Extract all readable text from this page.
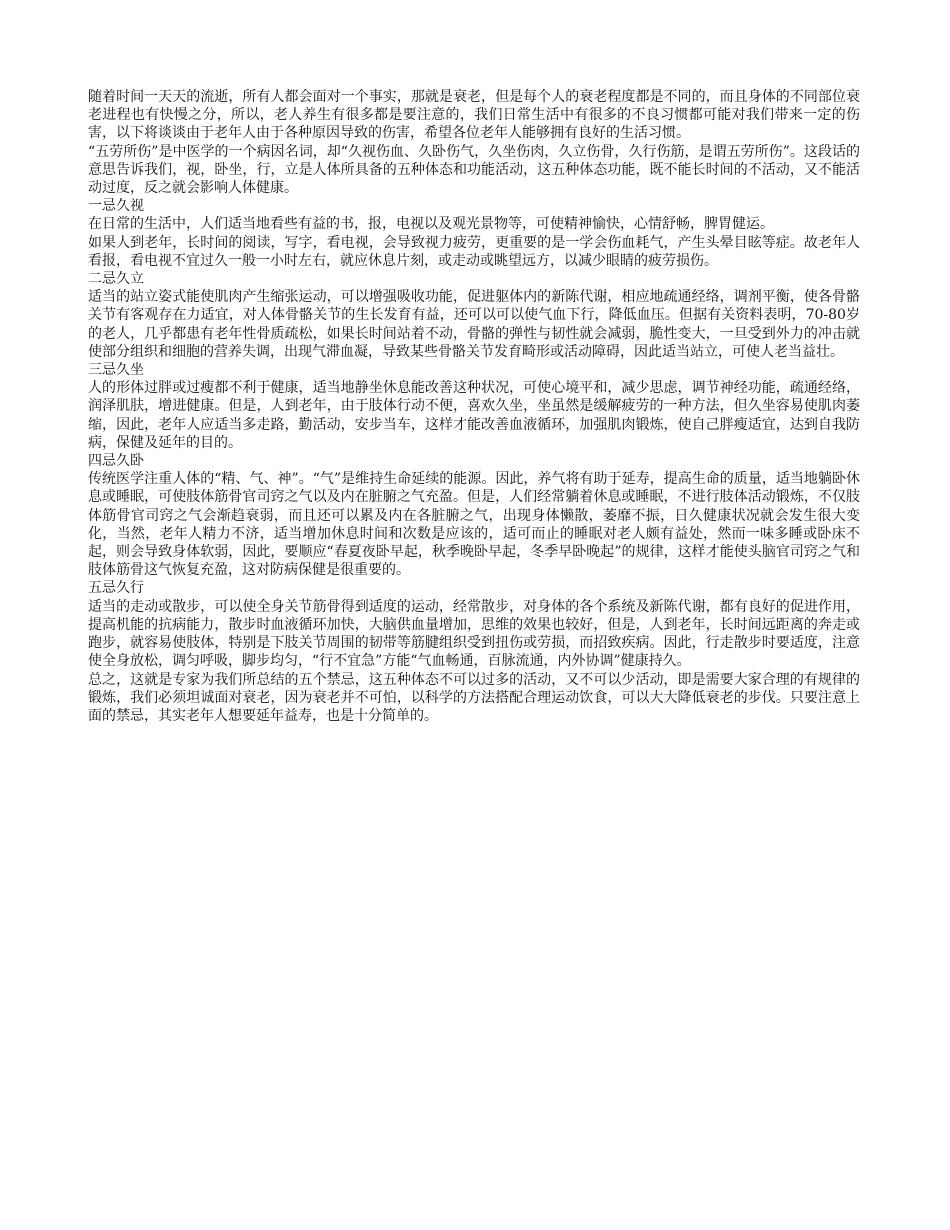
随着时间一天天的流逝，所有人都会面对一个事实，那就是衰老，但是每个人的衰老程度都是不同的，而且身体的不同部位衰老进程也有快慢之分，所以，老人养生有很多都是要注意的，我们日常生活中有很多的不良习惯都可能对我们带来一定的伤害，以下将谈谈由于老年人由于各种原因导致的伤害，希望各位老年人能够拥有良好的生活习惯。

“五劳所伤”是中医学的一个病因名词，却“久视伤血、久卧伤气，久坐伤肉，久立伤骨，久行伤筋，是谓五劳所伤”。这段话的意思告诉我们，视，卧坐，行，立是人体所具备的五种体态和功能活动，这五种体态功能，既不能长时间的不活动，又不能活动过度，反之就会影响人体健康。

一忌久视

在日常的生活中，人们适当地看些有益的书，报，电视以及观光景物等，可使精神愉快，心情舒畅，脾胃健运。

如果人到老年，长时间的阅读，写字，看电视，会导致视力疲劳，更重要的是一学会伤血耗气，产生头晕目眩等症。故老年人看报，看电视不宜过久一般一小时左右，就应休息片刻，或走动或眺望远方，以减少眼睛的疲劳损伤。

二忌久立

适当的站立姿式能使肌肉产生缩张运动，可以增强吸收功能，促进躯体内的新陈代谢，相应地疏通经络，调剂平衡，使各骨骼关节有客观存在力适宜，对人体骨骼关节的生长发育有益，还可以可以使气血下行，降低血压。但据有关资料表明，70-80岁的老人，几乎都患有老年性骨质疏松，如果长时间站着不动，骨骼的弹性与韧性就会减弱，脆性变大，一旦受到外力的冲击就使部分组织和细胞的营养失调，出现气滞血凝，导致某些骨骼关节发育畸形或活动障碍，因此适当站立，可使人老当益壮。

三忌久坐

人的形体过胖或过瘦都不利于健康，适当地静坐休息能改善这种状况，可使心境平和，减少思虑，调节神经功能，疏通经络，润泽肌肤，增进健康。但是，人到老年，由于肢体行动不便，喜欢久坐，坐虽然是缓解疲劳的一种方法，但久坐容易使肌肉萎缩，因此，老年人应适当多走路，勤活动，安步当车，这样才能改善血液循环，加强肌肉锻炼，使自己胖瘦适宜，达到自我防病，保健及延年的目的。

四忌久卧

传统医学注重人体的“精、气、神”。“气”是维持生命延续的能源。因此，养气将有助于延寿，提高生命的质量，适当地躺卧休息或睡眠，可使肢体筋骨官司窍之气以及内在脏腑之气充盈。但是，人们经常躺着休息或睡眠，不进行肢体活动锻炼，不仅肢体筋骨官司窍之气会渐趋衰弱，而且还可以累及内在各脏腑之气，出现身体懒散，萎靡不振，日久健康状况就会发生很大变化，当然，老年人精力不济，适当增加休息时间和次数是应该的，适可而止的睡眠对老人颇有益处，然而一味多睡或卧床不起，则会导致身体软弱，因此，要顺应“春夏夜卧早起，秋季晚卧早起，冬季早卧晚起”的规律，这样才能使头脑官司窍之气和肢体筋骨这气恢复充盈，这对防病保健是很重要的。

五忌久行

适当的走动或散步，可以使全身关节筋骨得到适度的运动，经常散步，对身体的各个系统及新陈代谢，都有良好的促进作用，提高机能的抗病能力，散步时血液循环加快，大脑供血量增加，思维的效果也较好，但是，人到老年，长时间远距离的奔走或跑步，就容易使肢体，特别是下肢关节周围的韧带等筋腱组织受到扭伤或劳损，而招致疾病。因此，行走散步时要适度，注意使全身放松，调匀呼吸，脚步均匀，“行不宜急”方能“气血畅通，百脉流通，内外协调”健康持久。

总之，这就是专家为我们所总结的五个禁忌，这五种体态不可以过多的活动，又不可以少活动，即是需要大家合理的有规律的锻炼，我们必须坦诚面对衰老，因为衰老并不可怕，以科学的方法搭配合理运动饮食，可以大大降低衰老的步伐。只要注意上面的禁忌，其实老年人想要延年益寿，也是十分简单的。
